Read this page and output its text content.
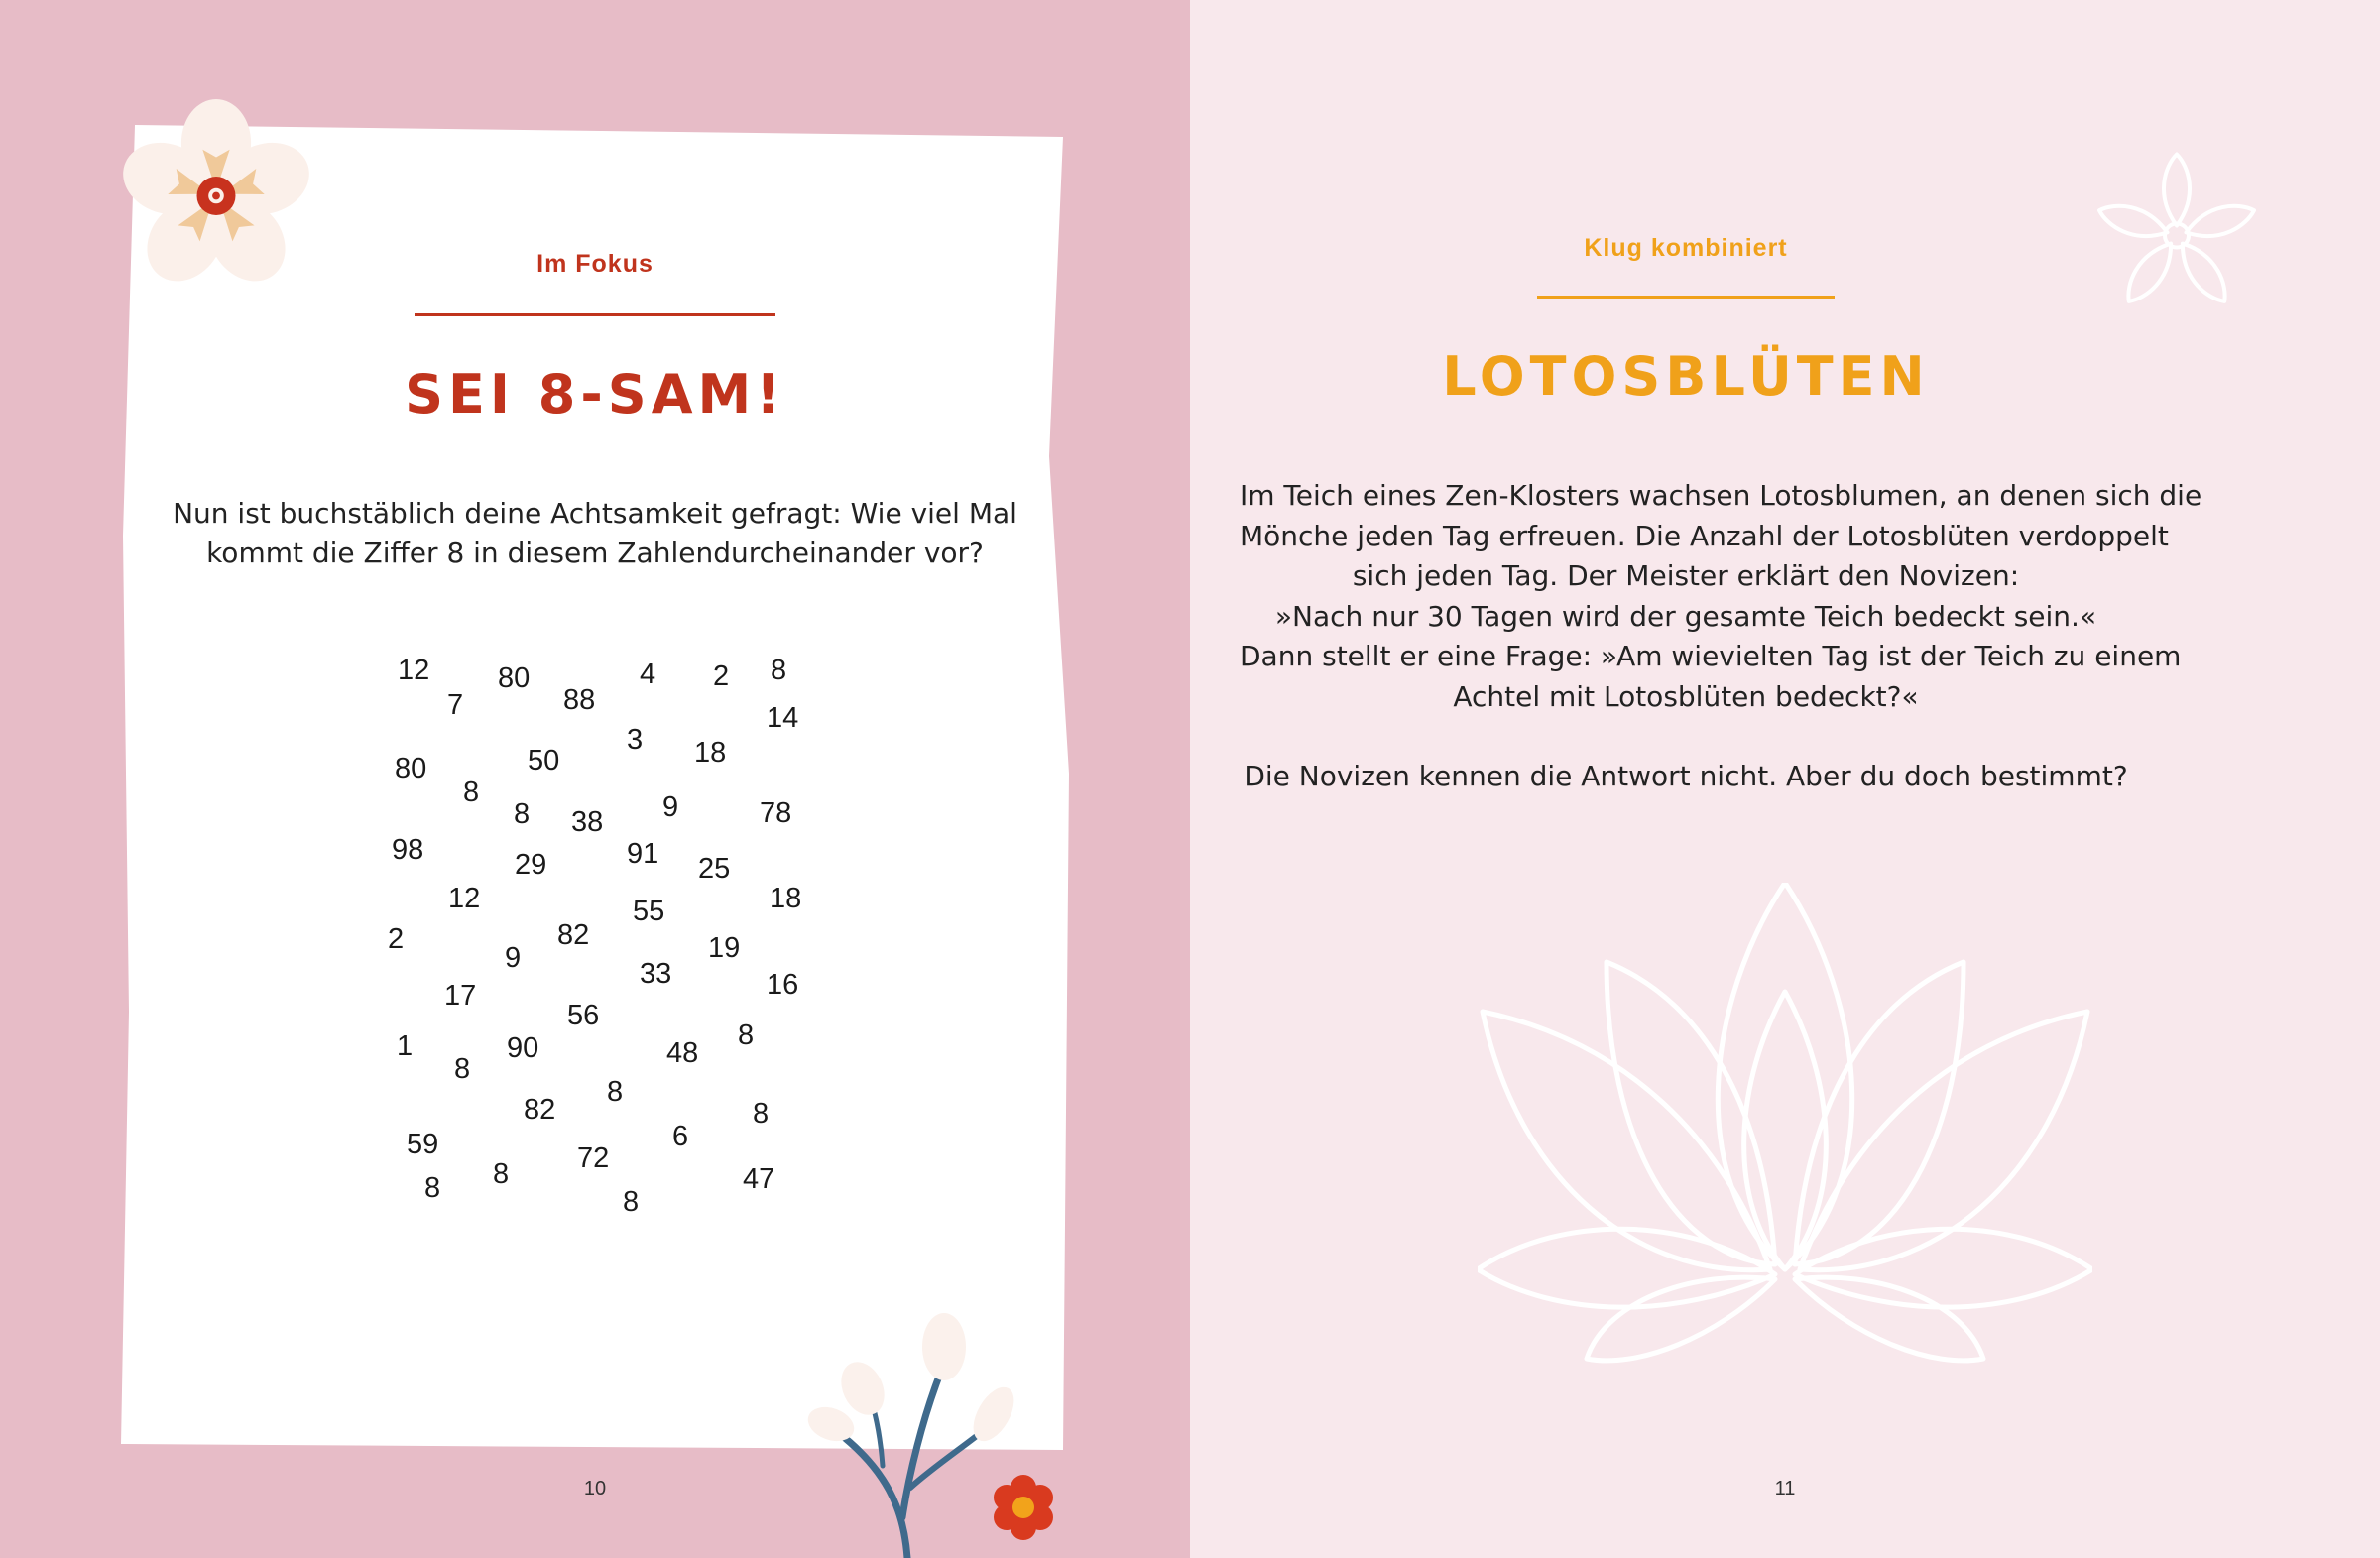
Im Fokus
SEI 8-SAM!
Nun ist buchstäblich deine Achtsamkeit gefragt: Wie viel Mal
kommt die Ziffer 8 in diesem Zahlendurcheinander vor?
12 80	4 2 8
7	88
14
3 18
80	50
8
8 38 9	78
98	29	91 25
12	18
55
2	82	19
9	33	16
17
56
1	90	48
8
8
8
82	8
6
59	72
8 8	47
8
10
Klug kombiniert
LOTOSBLÜTEN
Im Teich eines Zen-Klosters wachsen Lotosblumen, an denen sich die
Mönche jeden Tag erfreuen. Die Anzahl der Lotosblüten verdoppelt
sich jeden Tag. Der Meister erklärt den Novizen:
»Nach nur 30 Tagen wird der gesamte Teich bedeckt sein.«
Dann stellt er eine Frage: »Am wievielten Tag ist der Teich zu einem
Achtel mit Lotosblüten bedeckt?«
Die Novizen kennen die Antwort nicht. Aber du doch bestimmt?
11
